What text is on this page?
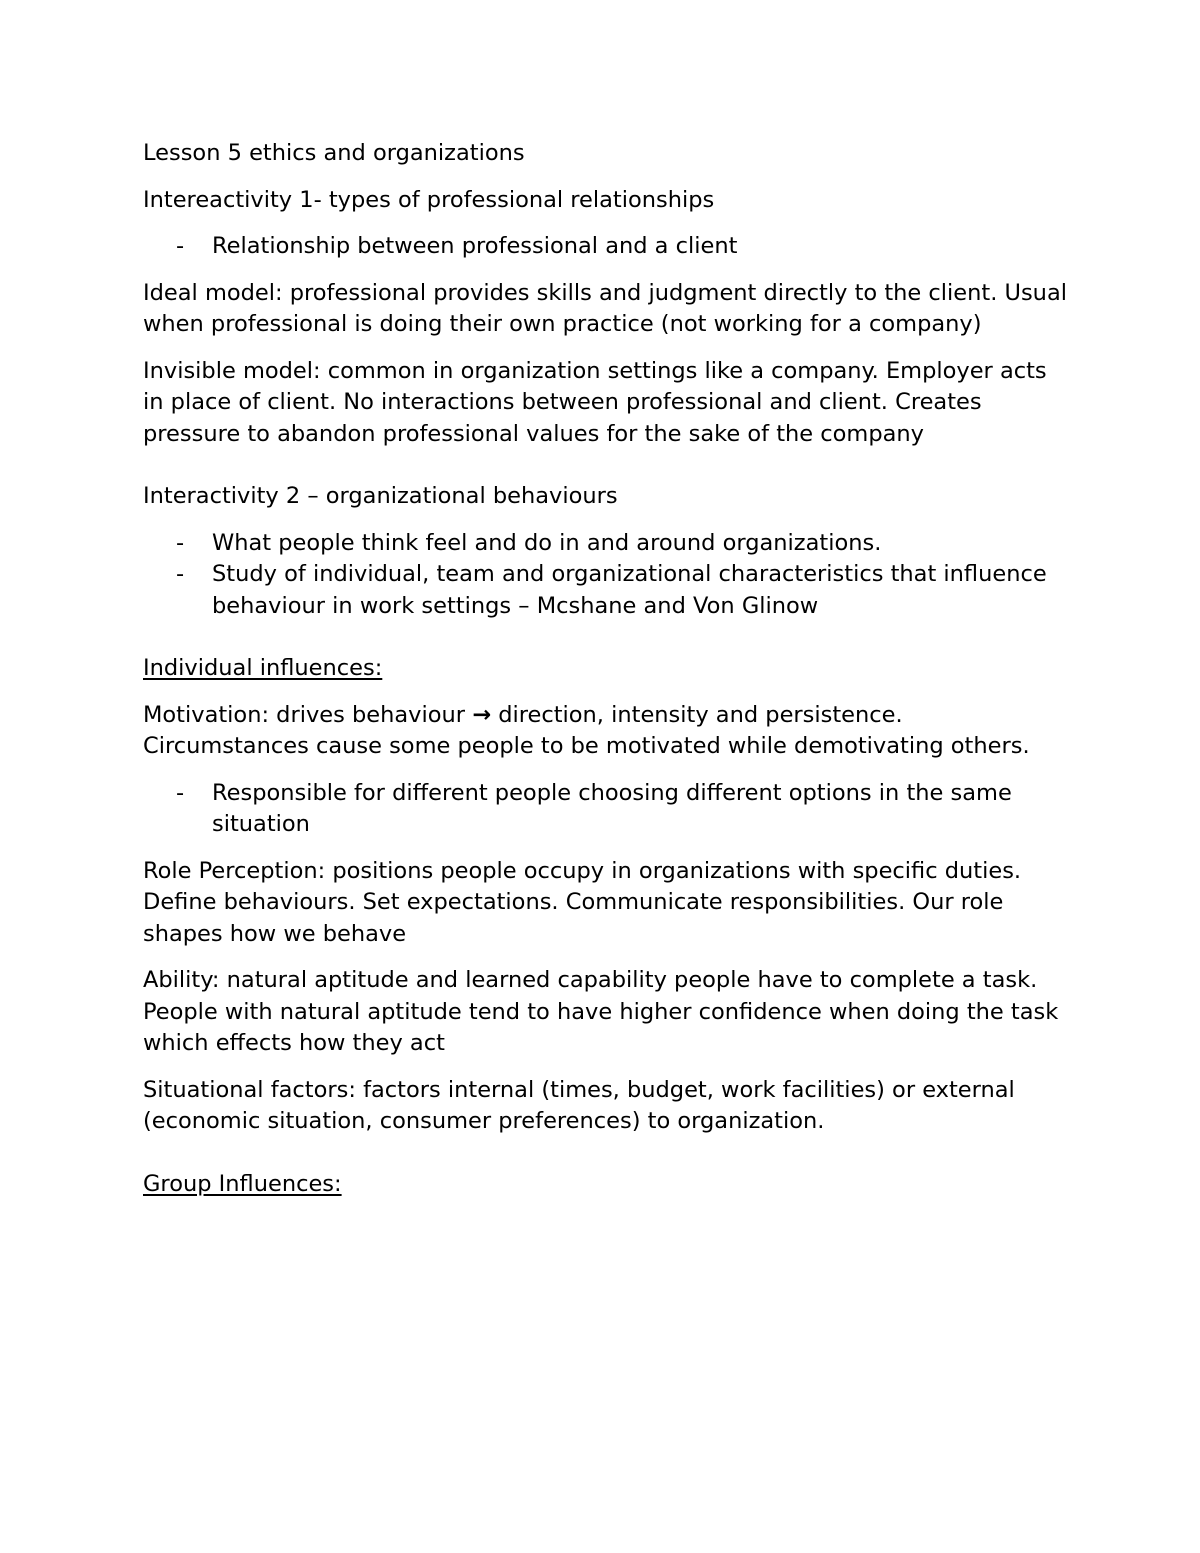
Lesson 5 ethics and organizations

Intereactivity 1- types of professional relationships

- Relationship between professional and a client

Ideal model: professional provides skills and judgment directly to the client. Usual when professional is doing their own practice (not working for a company)

Invisible model: common in organization settings like a company. Employer acts in place of client. No interactions between professional and client. Creates pressure to abandon professional values for the sake of the company

Interactivity 2 – organizational behaviours

- What people think feel and do in and around organizations.
- Study of individual, team and organizational characteristics that influence behaviour in work settings – Mcshane and Von Glinow

Individual influences:

Motivation: drives behaviour → direction, intensity and persistence. Circumstances cause some people to be motivated while demotivating others.

- Responsible for different people choosing different options in the same situation

Role Perception: positions people occupy in organizations with specific duties. Define behaviours. Set expectations. Communicate responsibilities. Our role shapes how we behave

Ability: natural aptitude and learned capability people have to complete a task. People with natural aptitude tend to have higher confidence when doing the task which effects how they act

Situational factors: factors internal (times, budget, work facilities) or external (economic situation, consumer preferences) to organization.

Group Influences:
